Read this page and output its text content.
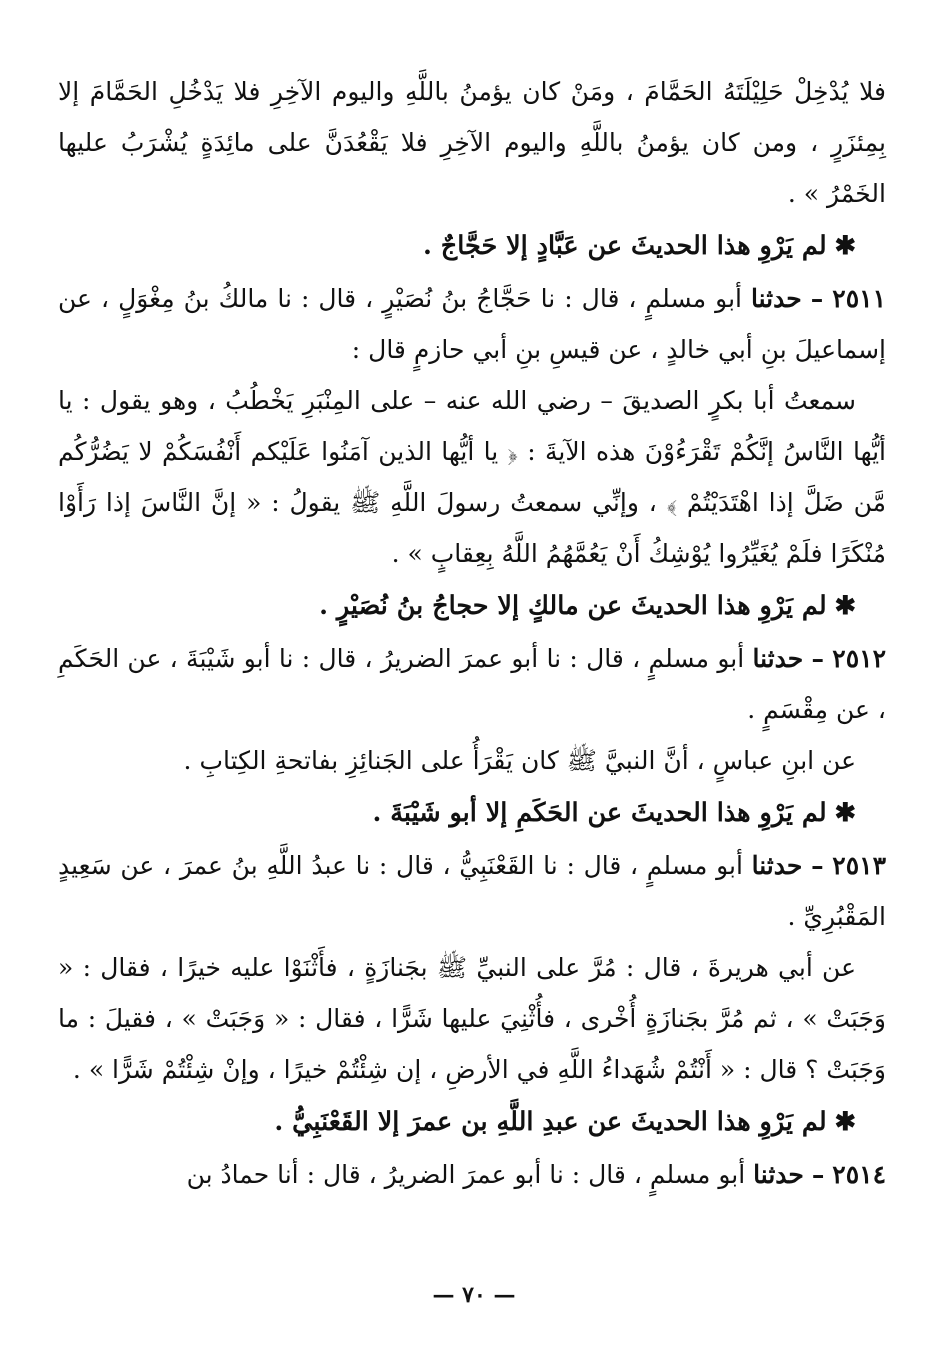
فلا يُدْخِلْ حَلِيْلَتَهُ الحَمَّامَ ، ومَنْ كان يؤمنُ باللَّهِ واليوم الآخِرِ فلا يَدْخُلِ الحَمَّامَ إلا بِمِئزَرٍ ، ومن كان يؤمنُ باللَّهِ واليوم الآخِرِ فلا يَقْعُدَنَّ على مائِدَةٍ يُشْرَبُ عليها الخَمْرُ » .

✱لم يَرْوِ هذا الحديثَ عن عَبَّادٍ إلا حَجَّاجٌ .

٢٥١١ – حدثنا أبو مسلمٍ ، قال : نا حَجَّاجُ بنُ نُصَيْرٍ ، قال : نا مالكُ بنُ مِغْوَلٍ ، عن إسماعيلَ بنِ أبي خالدٍ ، عن قيسِ بنِ أبي حازمٍ قال :

سمعتُ أبا بكرٍ الصديقَ – رضي الله عنه – على المِنْبَرِ يَخْطُبُ ، وهو يقول : يا أيُّها النَّاسُ إنَّكُمْ تَقْرَءُوْنَ هذه الآيةَ : ﴿ يا أيُّها الذين آمَنُوا عَلَيْكم أَنْفُسَكُمْ لا يَضُرُّكُم مَّن ضَلَّ إذا اهْتَدَيْتُمْ ﴾ ، وإنِّي سمعتُ رسولَ اللَّهِ ﷺ يقولُ : « إنَّ النَّاسَ إذا رَأَوْا مُنْكَرًا فلَمْ يُغَيِّرُوا يُوْشِكُ أَنْ يَعُمَّهُمُ اللَّهُ بِعِقابٍ » .

✱لم يَرْوِ هذا الحديثَ عن مالكٍ إلا حجاجُ بنُ نُصَيْرٍ .

٢٥١٢ – حدثنا أبو مسلمٍ ، قال : نا أبو عمرَ الضريرُ ، قال : نا أبو شَيْبَةَ ، عن الحَكَمِ ، عن مِقْسَمٍ .

عن ابنِ عباسٍ ، أنَّ النبيَّ ﷺ كان يَقْرَأُ على الجَنائِزِ بفاتحةِ الكِتابِ .

✱لم يَرْوِ هذا الحديثَ عن الحَكَمِ إلا أبو شَيْبَةَ .

٢٥١٣ – حدثنا أبو مسلمٍ ، قال : نا القَعْنَبِيُّ ، قال : نا عبدُ اللَّهِ بنُ عمرَ ، عن سَعِيدٍ المَقْبُرِيِّ .

عن أبي هريرةَ ، قال : مُرَّ على النبيِّ ﷺ بجَنازَةٍ ، فأَثْنَوْا عليه خيرًا ، فقال : « وَجَبَتْ » ، ثم مُرَّ بجَنازَةٍ أُخْرى ، فأُثْنِيَ عليها شَرًّا ، فقال : « وَجَبَتْ » ، فقيلَ : ما وَجَبَتْ ؟ قال : « أَنْتُمْ شُهَداءُ اللَّهِ في الأرضِ ، إن شِئْتُمْ خيرًا ، وإنْ شِئْتُمْ شَرًّا » .

✱لم يَرْوِ هذا الحديثَ عن عبدِ اللَّهِ بن عمرَ إلا القَعْنَبِيُّ .

٢٥١٤ – حدثنا أبو مسلمٍ ، قال : نا أبو عمرَ الضريرُ ، قال : أنا حمادُ بن

— ٧٠ —
